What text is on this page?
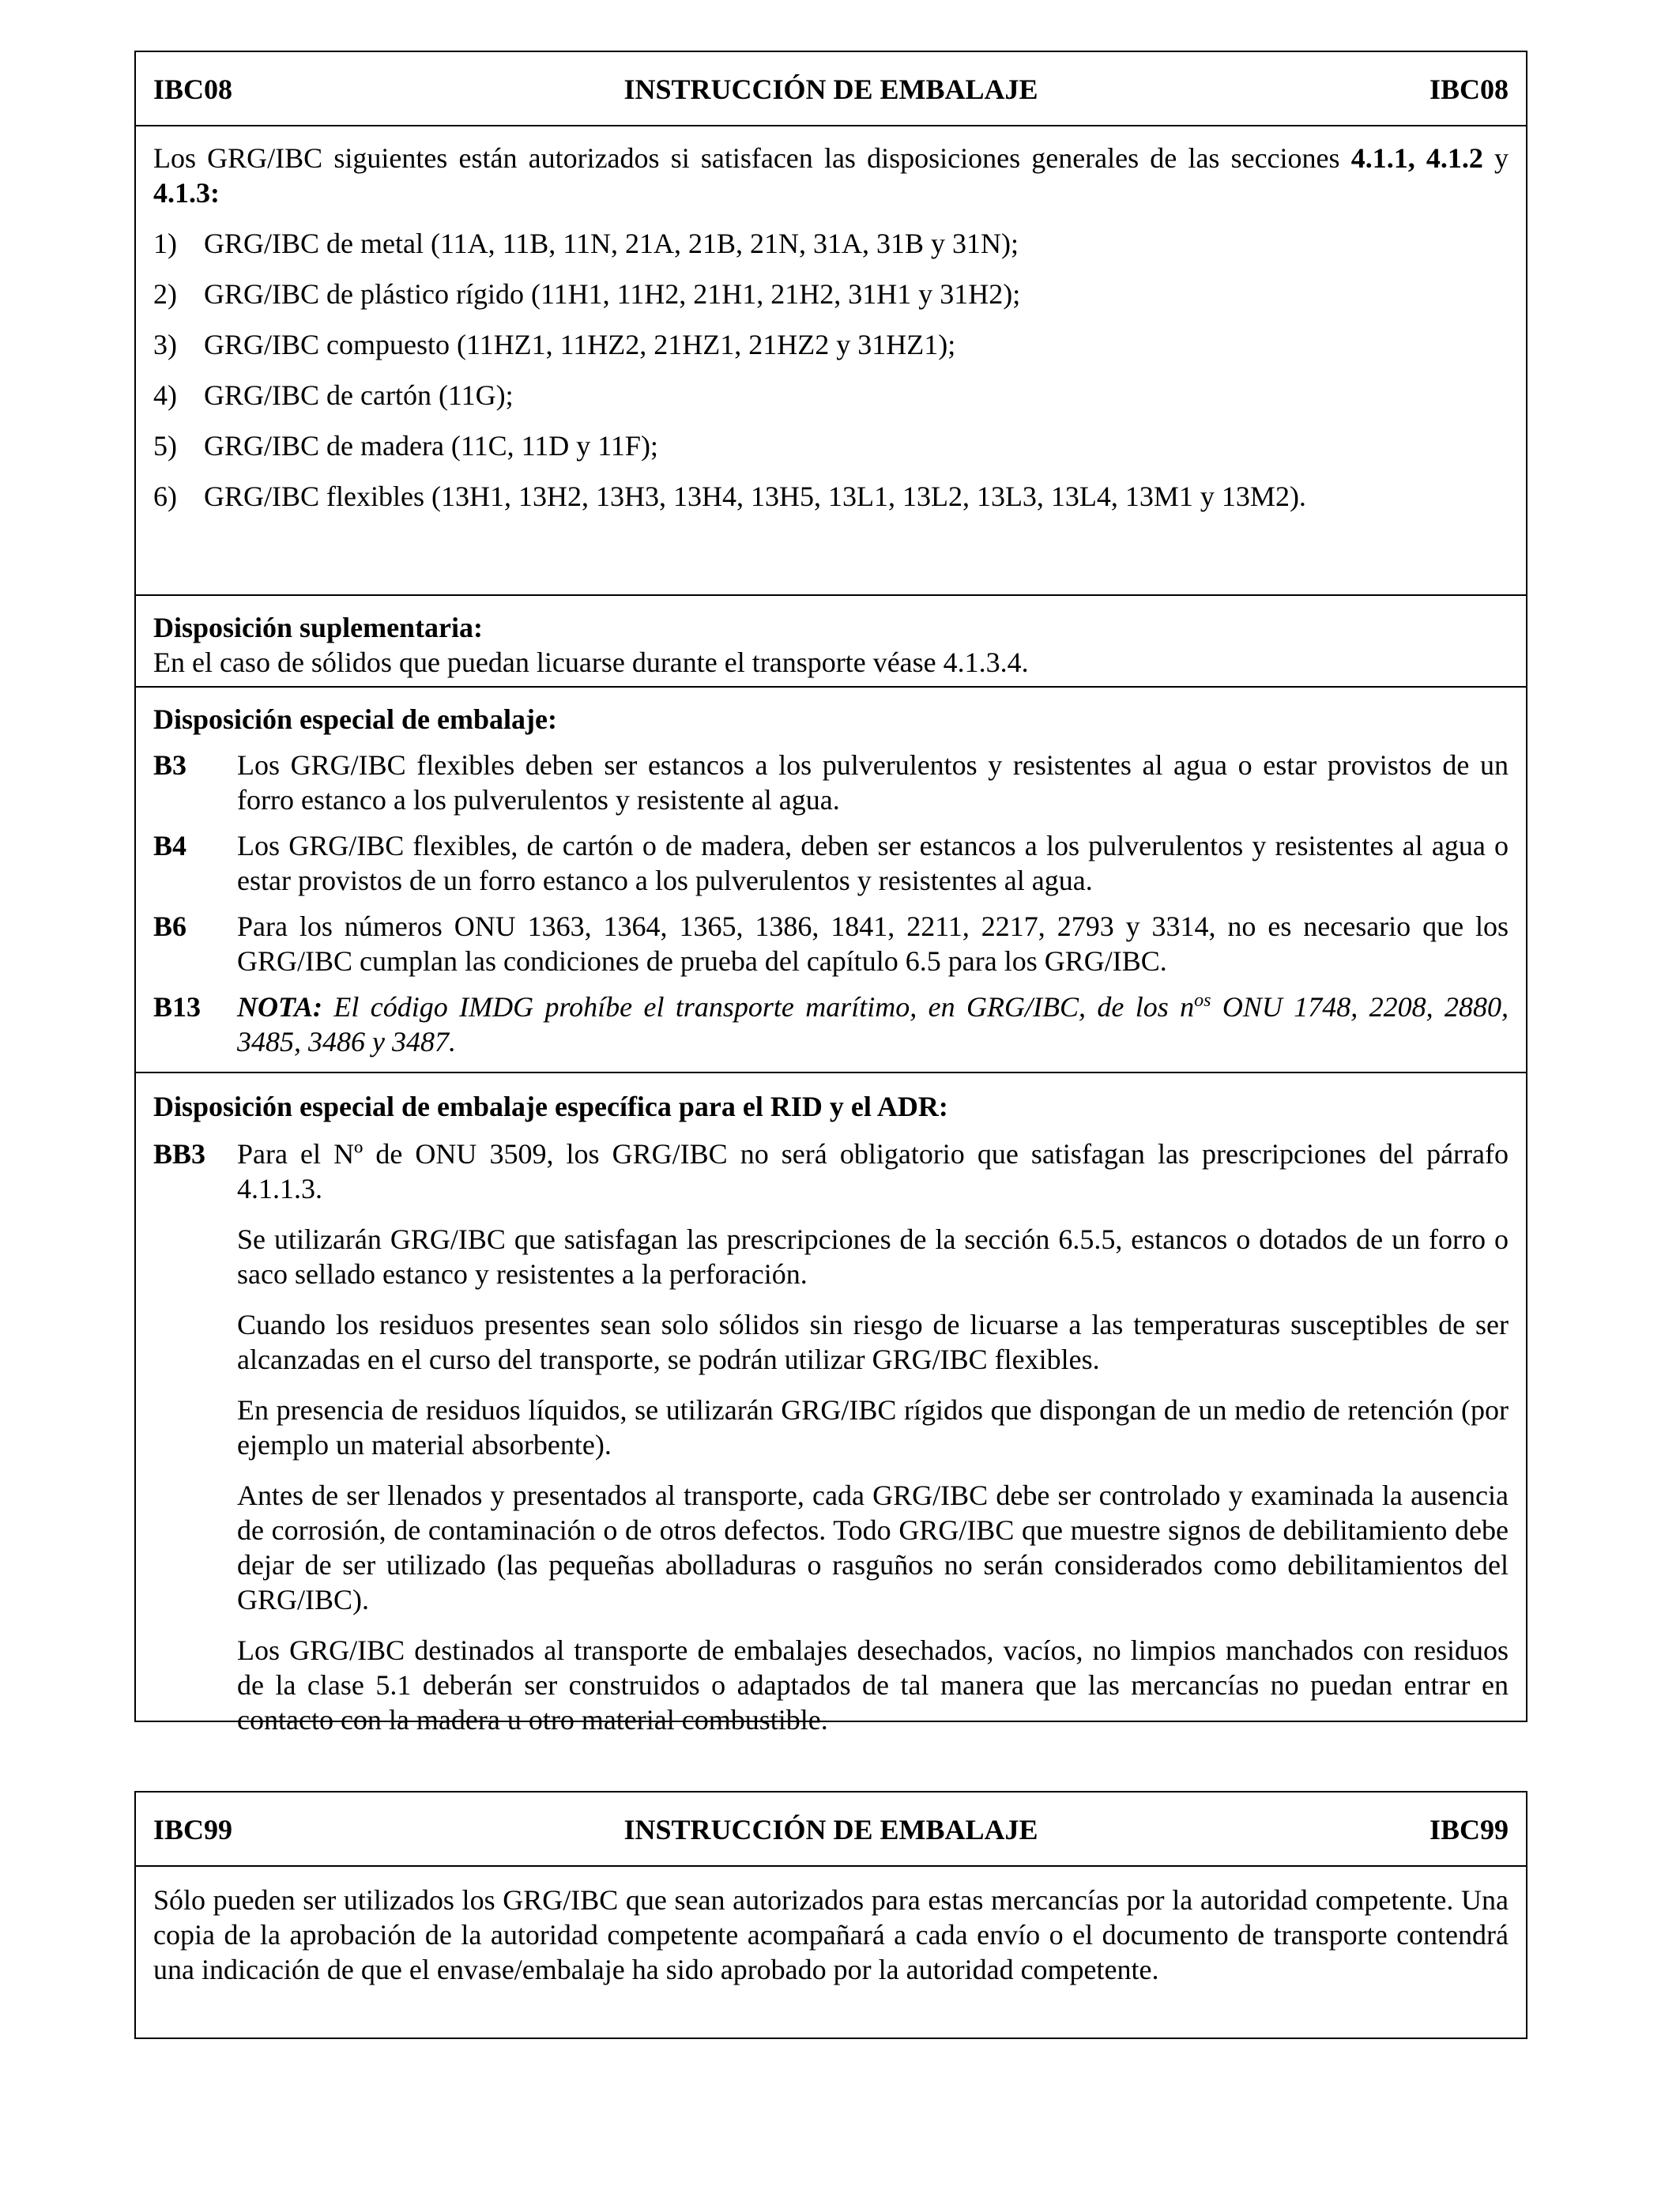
IBC08	INSTRUCCIÓN DE EMBALAJE	IBC08

Los GRG/IBC siguientes están autorizados si satisfacen las disposiciones generales de las secciones 4.1.1, 4.1.2 y 4.1.3:

1) GRG/IBC de metal (11A, 11B, 11N, 21A, 21B, 21N, 31A, 31B y 31N);
2) GRG/IBC de plástico rígido (11H1, 11H2, 21H1, 21H2, 31H1 y 31H2);
3) GRG/IBC compuesto (11HZ1, 11HZ2, 21HZ1, 21HZ2 y 31HZ1);
4) GRG/IBC de cartón (11G);
5) GRG/IBC de madera (11C, 11D y 11F);
6) GRG/IBC flexibles (13H1, 13H2, 13H3, 13H4, 13H5, 13L1, 13L2, 13L3, 13L4, 13M1 y 13M2).

Disposición suplementaria:

En el caso de sólidos que puedan licuarse durante el transporte véase 4.1.3.4.

Disposición especial de embalaje:

B3	Los GRG/IBC flexibles deben ser estancos a los pulverulentos y resistentes al agua o estar provistos de un forro estanco a los pulverulentos y resistente al agua.
B4	Los GRG/IBC flexibles, de cartón o de madera, deben ser estancos a los pulverulentos y resistentes al agua o estar provistos de un forro estanco a los pulverulentos y resistentes al agua.
B6	Para los números ONU 1363, 1364, 1365, 1386, 1841, 2211, 2217, 2793 y 3314, no es necesario que los GRG/IBC cumplan las condiciones de prueba del capítulo 6.5 para los GRG/IBC.
B13	NOTA: El código IMDG prohíbe el transporte marítimo, en GRG/IBC, de los $n^{os}$ ONU 1748, 2208, 2880, 3485, 3486 y 3487.

Disposición especial de embalaje específica para el RID y el ADR:

BB3	Para el Nº de ONU 3509, los GRG/IBC no será obligatorio que satisfagan las prescripciones del párrafo 4.1.1.3.

Se utilizarán GRG/IBC que satisfagan las prescripciones de la sección 6.5.5, estancos o dotados de un forro o saco sellado estanco y resistentes a la perforación.

Cuando los residuos presentes sean solo sólidos sin riesgo de licuarse a las temperaturas susceptibles de ser alcanzadas en el curso del transporte, se podrán utilizar GRG/IBC flexibles.

En presencia de residuos líquidos, se utilizarán GRG/IBC rígidos que dispongan de un medio de retención (por ejemplo un material absorbente).

Antes de ser llenados y presentados al transporte, cada GRG/IBC debe ser controlado y examinada la ausencia de corrosión, de contaminación o de otros defectos. Todo GRG/IBC que muestre signos de debilitamiento debe dejar de ser utilizado (las pequeñas abolladuras o rasguños no serán considerados como debilitamientos del GRG/IBC).

Los GRG/IBC destinados al transporte de embalajes desechados, vacíos, no limpios manchados con residuos de la clase 5.1 deberán ser construidos o adaptados de tal manera que las mercancías no puedan entrar en contacto con la madera u otro material combustible.

IBC99	INSTRUCCIÓN DE EMBALAJE	IBC99

Sólo pueden ser utilizados los GRG/IBC que sean autorizados para estas mercancías por la autoridad competente. Una copia de la aprobación de la autoridad competente acompañará a cada envío o el documento de transporte contendrá una indicación de que el envase/embalaje ha sido aprobado por la autoridad competente.
